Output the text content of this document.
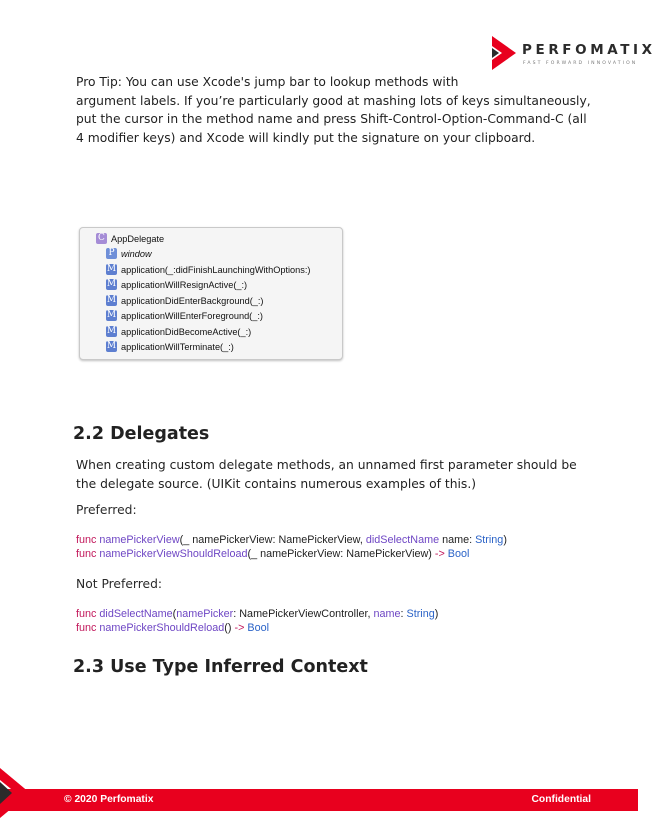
PERFOMATIX
FAST FORWARD INNOVATION
Pro Tip: You can use Xcode's jump bar to lookup methods with
argument labels. If you’re particularly good at mashing lots of keys simultaneously,
put the cursor in the method name and press Shift-Control-Option-Command-C (all
4 modifier keys) and Xcode will kindly put the signature on your clipboard.
C AppDelegate
P window
M application(_:didFinishLaunchingWithOptions:)
M applicationWillResignActive(_:)
M applicationDidEnterBackground(_:)
M applicationWillEnterForeground(_:)
M applicationDidBecomeActive(_:)
M applicationWillTerminate(_:)
2.2 Delegates
When creating custom delegate methods, an unnamed first parameter should be
the delegate source. (UIKit contains numerous examples of this.)
Preferred:
func namePickerView(_ namePickerView: NamePickerView, didSelectName name: String)
func namePickerViewShouldReload(_ namePickerView: NamePickerView) -> Bool
Not Preferred:
func didSelectName(namePicker: NamePickerViewController, name: String)
func namePickerShouldReload() -> Bool
2.3 Use Type Inferred Context
© 2020 Perfomatix	Confidential
